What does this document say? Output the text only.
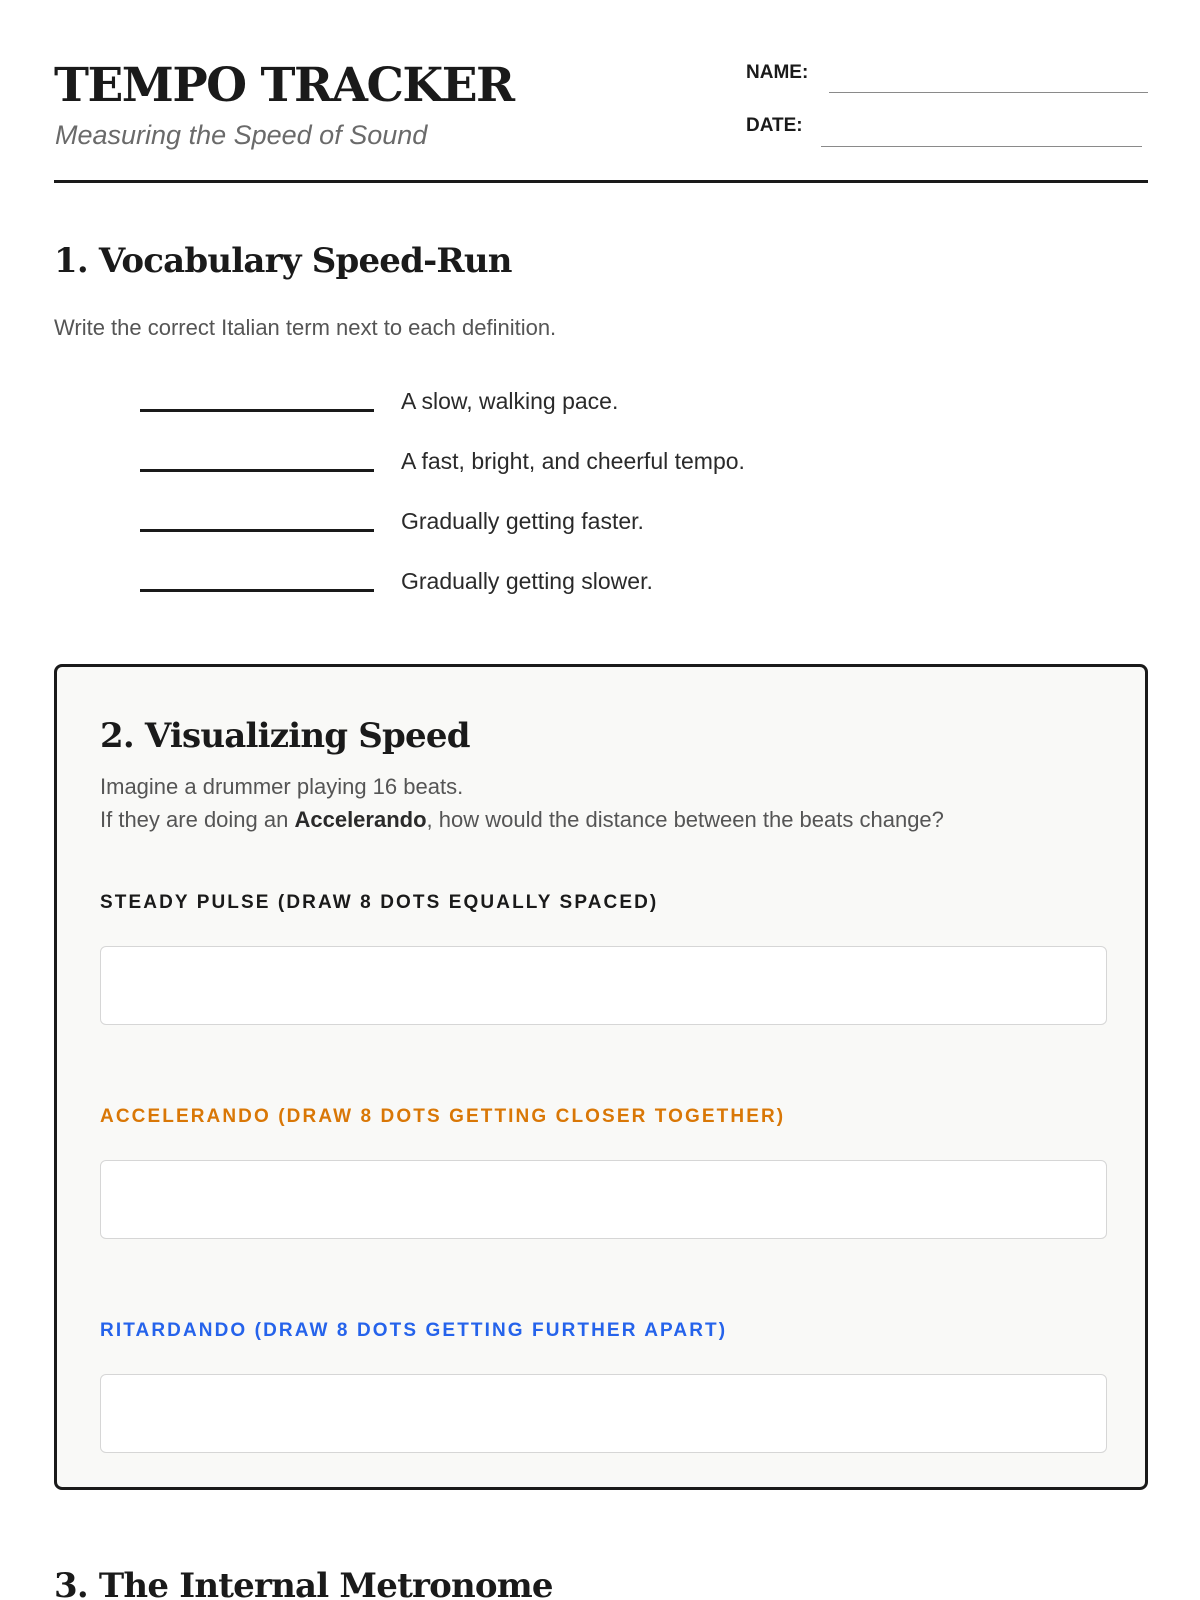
TEMPO TRACKER
Measuring the Speed of Sound
NAME:
DATE:
1. Vocabulary Speed-Run
Write the correct Italian term next to each definition.
A slow, walking pace.
A fast, bright, and cheerful tempo.
Gradually getting faster.
Gradually getting slower.
2. Visualizing Speed
Imagine a drummer playing 16 beats.
If they are doing an Accelerando, how would the distance between the beats change?
STEADY PULSE (DRAW 8 DOTS EQUALLY SPACED)
ACCELERANDO (DRAW 8 DOTS GETTING CLOSER TOGETHER)
RITARDANDO (DRAW 8 DOTS GETTING FURTHER APART)
3. The Internal Metronome
